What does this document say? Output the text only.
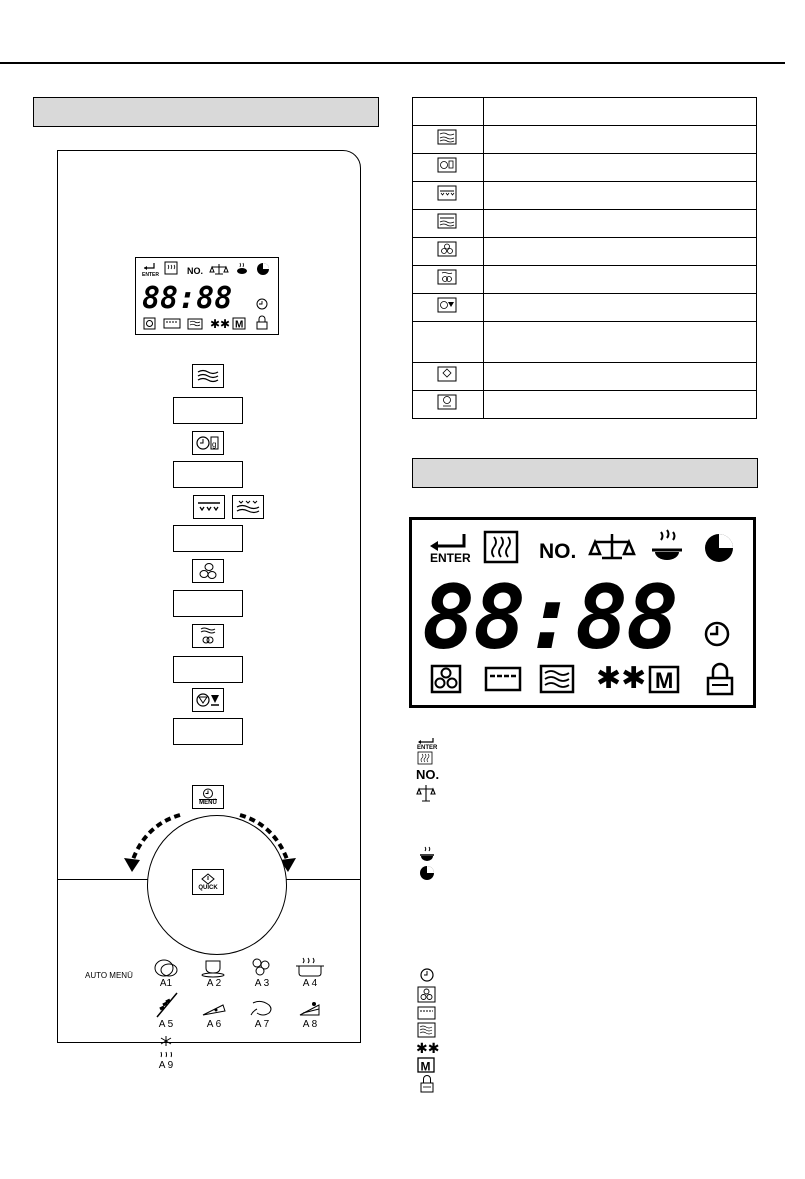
ENTER	NO.
88:88
✱✱ M
g
MENÜ
QUICK
AUTO MENÜ
A1	A 2	A 3	A 4
A 5	A 6	A 7	A 8
A 9

ENTER	NO.
88:88
✱✱ M
ENTER
NO.
✱✱
M
